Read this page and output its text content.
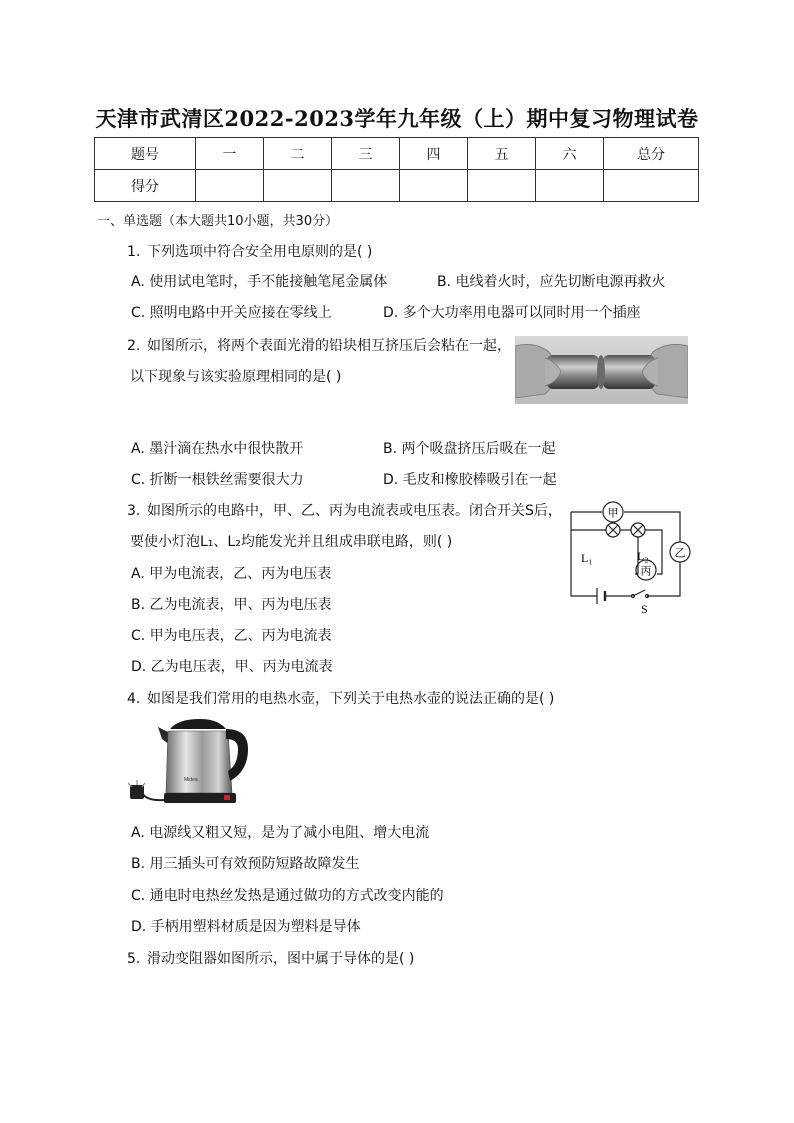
天津市武清区2022-2023学年九年级（上）期中复习物理试卷
题号	一	二	三	四	五	六	总分
得分							
一、单选题（本大题共10小题，共30分）
1. 下列选项中符合安全用电原则的是( )
A. 使用试电笔时，手不能接触笔尾金属体	B. 电线着火时，应先切断电源再救火
C. 照明电路中开关应接在零线上	D. 多个大功率用电器可以同时用一个插座
2. 如图所示，将两个表面光滑的铅块相互挤压后会粘在一起，
以下现象与该实验原理相同的是( )
A. 墨汁滴在热水中很快散开	B. 两个吸盘挤压后吸在一起
C. 折断一根铁丝需要很大力	D. 毛皮和橡胶棒吸引在一起
3. 如图所示的电路中，甲、乙、丙为电流表或电压表。闭合开关S后，
要使小灯泡L₁、L₂均能发光并且组成串联电路，则( )
甲
乙
丙
L₁	L₂
S
A. 甲为电流表，乙、丙为电压表
B. 乙为电流表，甲、丙为电压表
C. 甲为电压表，乙、丙为电流表
D. 乙为电压表，甲、丙为电流表
4. 如图是我们常用的电热水壶，下列关于电热水壶的说法正确的是( )
Midea
A. 电源线又粗又短，是为了减小电阻、增大电流
B. 用三插头可有效预防短路故障发生
C. 通电时电热丝发热是通过做功的方式改变内能的
D. 手柄用塑料材质是因为塑料是导体
5. 滑动变阻器如图所示，图中属于导体的是( )
